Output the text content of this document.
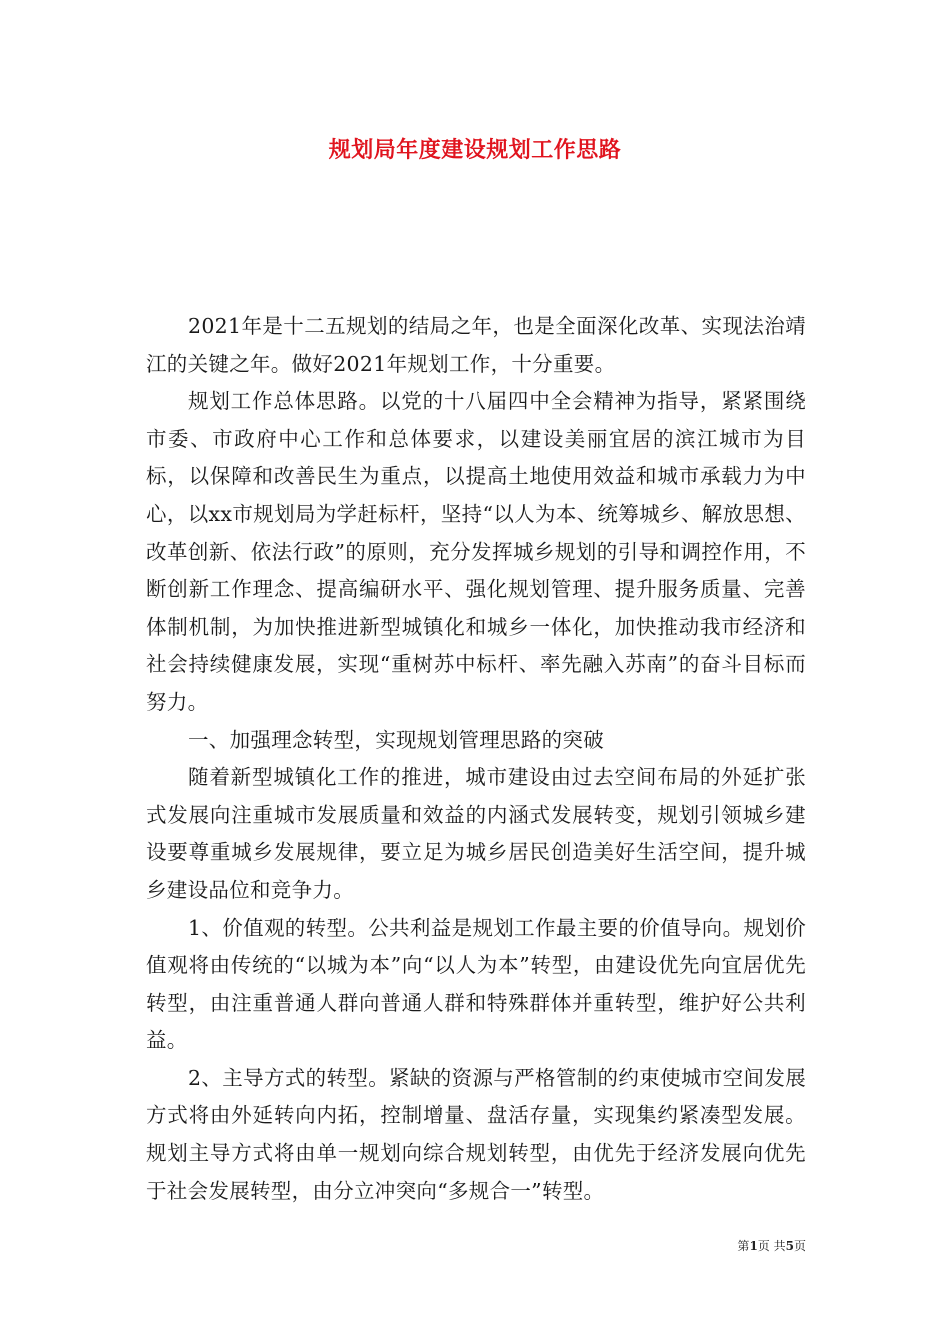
规划局年度建设规划工作思路

2021年是十二五规划的结局之年，也是全面深化改革、实现法治靖江的关键之年。做好2021年规划工作，十分重要。

规划工作总体思路。以党的十八届四中全会精神为指导，紧紧围绕市委、市政府中心工作和总体要求，以建设美丽宜居的滨江城市为目标，以保障和改善民生为重点，以提高土地使用效益和城市承载力为中心，以xx市规划局为学赶标杆，坚持“以人为本、统筹城乡、解放思想、改革创新、依法行政”的原则，充分发挥城乡规划的引导和调控作用，不断创新工作理念、提高编研水平、强化规划管理、提升服务质量、完善体制机制，为加快推进新型城镇化和城乡一体化，加快推动我市经济和社会持续健康发展，实现“重树苏中标杆、率先融入苏南”的奋斗目标而努力。

一、加强理念转型，实现规划管理思路的突破

随着新型城镇化工作的推进，城市建设由过去空间布局的外延扩张式发展向注重城市发展质量和效益的内涵式发展转变，规划引领城乡建设要尊重城乡发展规律，要立足为城乡居民创造美好生活空间，提升城乡建设品位和竞争力。

1、价值观的转型。公共利益是规划工作最主要的价值导向。规划价值观将由传统的“以城为本”向“以人为本”转型，由建设优先向宜居优先转型，由注重普通人群向普通人群和特殊群体并重转型，维护好公共利益。

2、主导方式的转型。紧缺的资源与严格管制的约束使城市空间发展方式将由外延转向内拓，控制增量、盘活存量，实现集约紧凑型发展。规划主导方式将由单一规划向综合规划转型，由优先于经济发展向优先于社会发展转型，由分立冲突向“多规合一”转型。

第1页 共5页
